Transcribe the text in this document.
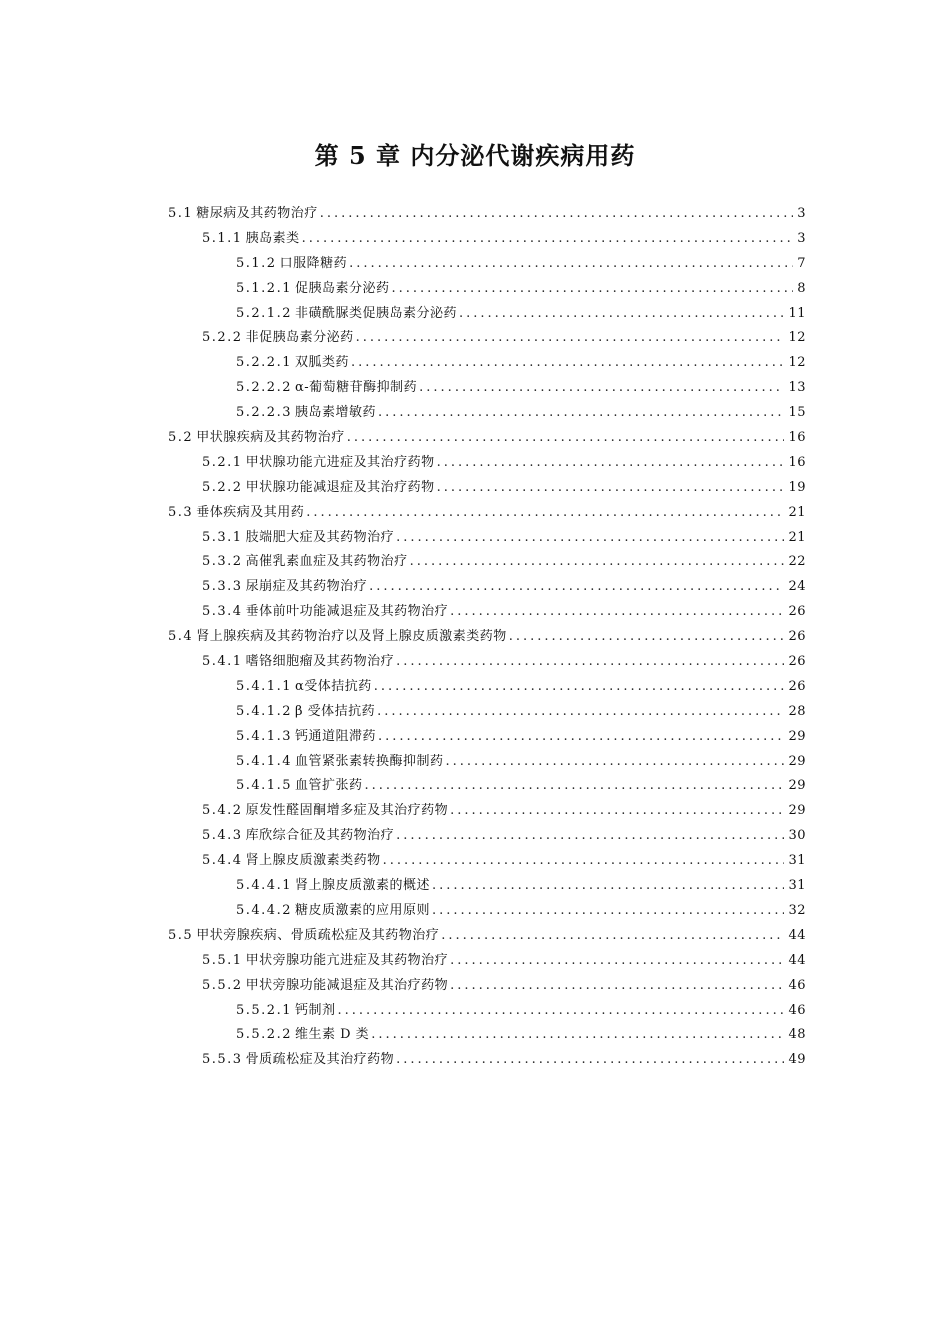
第 5 章 内分泌代谢疾病用药
5.1 糖尿病及其药物治疗 .....	3
5.1.1 胰岛素类 .....	3
5.1.2 口服降糖药 .....	7
5.1.2.1 促胰岛素分泌药 .....	8
5.2.1.2 非磺酰脲类促胰岛素分泌药 .....	11
5.2.2 非促胰岛素分泌药 .....	12
5.2.2.1 双胍类药 .....	12
5.2.2.2 α-葡萄糖苷酶抑制药 .....	13
5.2.2.3 胰岛素增敏药 .....	15
5.2 甲状腺疾病及其药物治疗 .....	16
5.2.1 甲状腺功能亢进症及其治疗药物 .....	16
5.2.2 甲状腺功能减退症及其治疗药物 .....	19
5.3 垂体疾病及其用药 .....	21
5.3.1 肢端肥大症及其药物治疗 .....	21
5.3.2 高催乳素血症及其药物治疗 .....	22
5.3.3 尿崩症及其药物治疗 .....	24
5.3.4 垂体前叶功能减退症及其药物治疗 .....	26
5.4 肾上腺疾病及其药物治疗以及肾上腺皮质激素类药物 .....	26
5.4.1 嗜铬细胞瘤及其药物治疗 .....	26
5.4.1.1 α受体拮抗药 .....	26
5.4.1.2 β 受体拮抗药 .....	28
5.4.1.3 钙通道阻滞药 .....	29
5.4.1.4 血管紧张素转换酶抑制药 .....	29
5.4.1.5 血管扩张药 .....	29
5.4.2 原发性醛固酮增多症及其治疗药物 .....	29
5.4.3 库欣综合征及其药物治疗 .....	30
5.4.4 肾上腺皮质激素类药物 .....	31
5.4.4.1 肾上腺皮质激素的概述 .....	31
5.4.4.2 糖皮质激素的应用原则 .....	32
5.5 甲状旁腺疾病、骨质疏松症及其药物治疗 .....	44
5.5.1 甲状旁腺功能亢进症及其药物治疗 .....	44
5.5.2 甲状旁腺功能减退症及其治疗药物 .....	46
5.5.2.1 钙制剂 .....	46
5.5.2.2 维生素 D 类 .....	48
5.5.3 骨质疏松症及其治疗药物 .....	49
